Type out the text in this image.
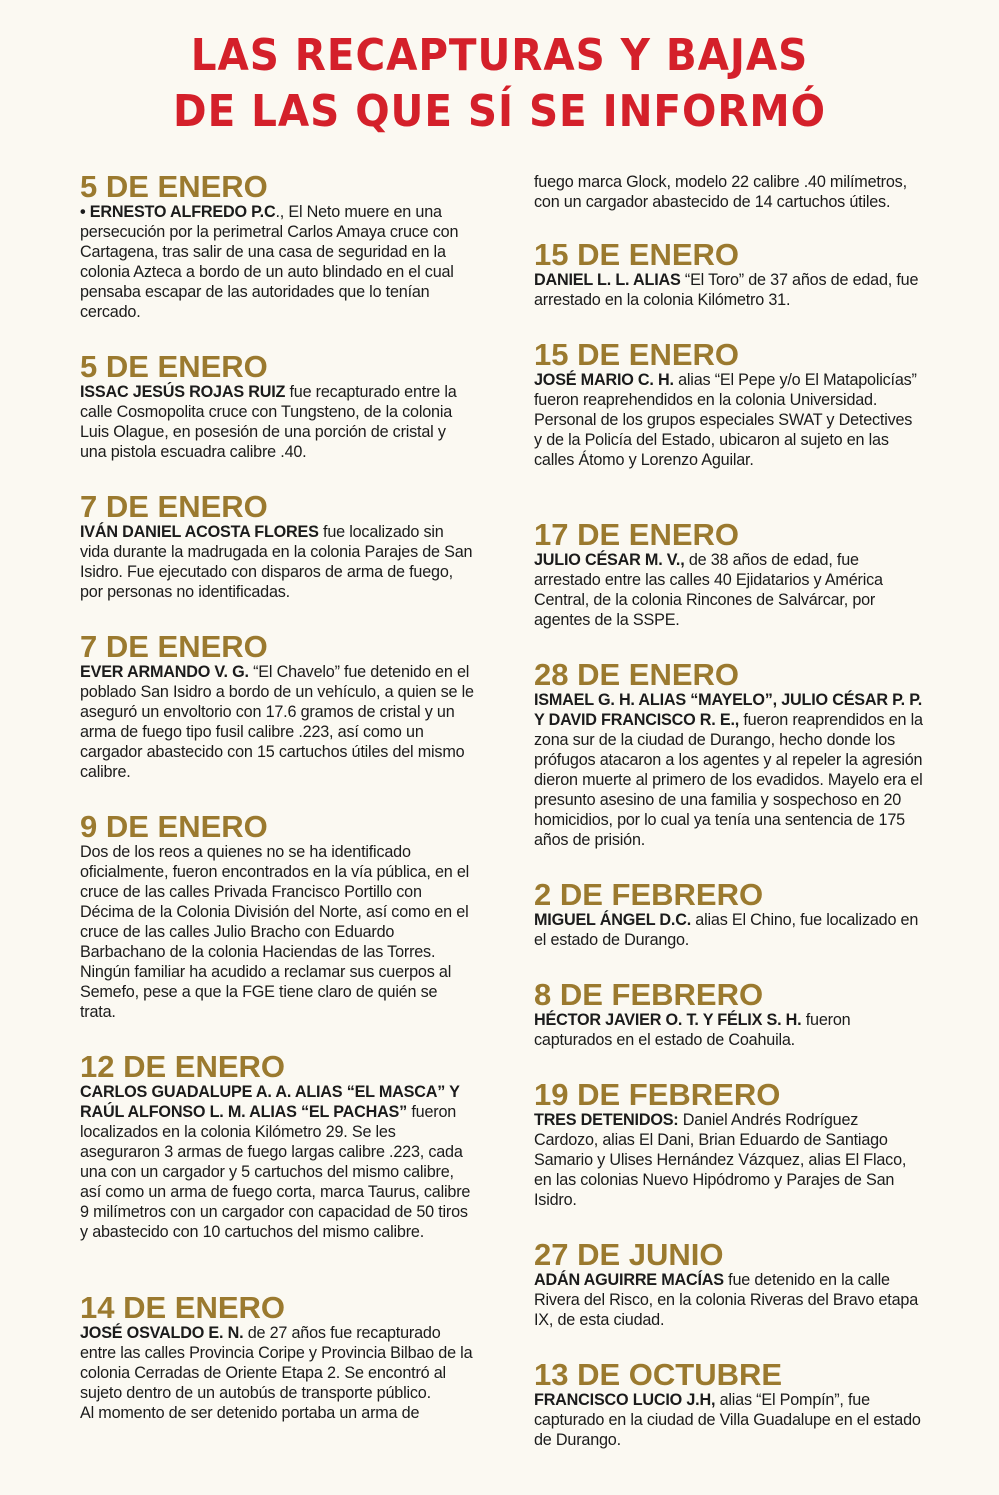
LAS RECAPTURAS Y BAJAS
DE LAS QUE SÍ SE INFORMÓ
5 DE ENERO
• ERNESTO ALFREDO P.C., El Neto muere en una persecución por la perimetral Carlos Amaya cruce con Cartagena, tras salir de una casa de seguridad en la colonia Azteca a bordo de un auto blindado en el cual pensaba escapar de las autoridades que lo tenían cercado.
5 DE ENERO
ISSAC JESÚS ROJAS RUIZ fue recapturado entre la calle Cosmopolita cruce con Tungsteno, de la colonia Luis Olague, en posesión de una porción de cristal y una pistola escuadra calibre .40.
7 DE ENERO
IVÁN DANIEL ACOSTA FLORES fue localizado sin vida durante la madrugada en la colonia Parajes de San Isidro. Fue ejecutado con disparos de arma de fuego, por personas no identificadas.
7 DE ENERO
EVER ARMANDO V. G. “El Chavelo” fue detenido en el poblado San Isidro a bordo de un vehículo, a quien se le aseguró un envoltorio con 17.6 gramos de cristal y un arma de fuego tipo fusil calibre .223, así como un cargador abastecido con 15 cartuchos útiles del mismo calibre.
9 DE ENERO
Dos de los reos a quienes no se ha identificado oficialmente, fueron encontrados en la vía pública, en el cruce de las calles Privada Francisco Portillo con Décima de la Colonia División del Norte, así como en el cruce de las calles Julio Bracho con Eduardo Barbachano de la colonia Haciendas de las Torres. Ningún familiar ha acudido a reclamar sus cuerpos al Semefo, pese a que la FGE tiene claro de quién se trata.
12 DE ENERO
CARLOS GUADALUPE A. A. ALIAS “EL MASCA” Y RAÚL ALFONSO L. M. ALIAS “EL PACHAS” fueron localizados en la colonia Kilómetro 29. Se les aseguraron 3 armas de fuego largas calibre .223, cada una con un cargador y 5 cartuchos del mismo calibre, así como un arma de fuego corta, marca Taurus, calibre 9 milímetros con un cargador con capacidad de 50 tiros y abastecido con 10 cartuchos del mismo calibre.
14 DE ENERO
JOSÉ OSVALDO E. N. de 27 años fue recapturado entre las calles Provincia Coripe y Provincia Bilbao de la colonia Cerradas de Oriente Etapa 2. Se encontró al sujeto dentro de un autobús de transporte público.
Al momento de ser detenido portaba un arma de
fuego marca Glock, modelo 22 calibre .40 milímetros, con un cargador abastecido de 14 cartuchos útiles.
15 DE ENERO
DANIEL L. L. ALIAS “El Toro” de 37 años de edad, fue arrestado en la colonia Kilómetro 31.
15 DE ENERO
JOSÉ MARIO C. H. alias “El Pepe y/o El Matapolicías” fueron reaprehendidos en la colonia Universidad. Personal de los grupos especiales SWAT y Detectives y de la Policía del Estado, ubicaron al sujeto en las calles Átomo y Lorenzo Aguilar.
17 DE ENERO
JULIO CÉSAR M. V., de 38 años de edad, fue arrestado entre las calles 40 Ejidatarios y América Central, de la colonia Rincones de Salvárcar, por agentes de la SSPE.
28 DE ENERO
ISMAEL G. H. ALIAS “MAYELO”, JULIO CÉSAR P. P. Y DAVID FRANCISCO R. E., fueron reaprendidos en la zona sur de la ciudad de Durango, hecho donde los prófugos atacaron a los agentes y al repeler la agresión dieron muerte al primero de los evadidos. Mayelo era el presunto asesino de una familia y sospechoso en 20 homicidios, por lo cual ya tenía una sentencia de 175 años de prisión.
2 DE FEBRERO
MIGUEL ÁNGEL D.C. alias El Chino, fue localizado en el estado de Durango.
8 DE FEBRERO
HÉCTOR JAVIER O. T. Y FÉLIX S. H. fueron capturados en el estado de Coahuila.
19 DE FEBRERO
TRES DETENIDOS: Daniel Andrés Rodríguez Cardozo, alias El Dani, Brian Eduardo de Santiago Samario y Ulises Hernández Vázquez, alias El Flaco, en las colonias Nuevo Hipódromo y Parajes de San Isidro.
27 DE JUNIO
ADÁN AGUIRRE MACÍAS fue detenido en la calle Rivera del Risco, en la colonia Riveras del Bravo etapa IX, de esta ciudad.
13 DE OCTUBRE
FRANCISCO LUCIO J.H, alias “El Pompín”, fue capturado en la ciudad de Villa Guadalupe en el estado de Durango.
